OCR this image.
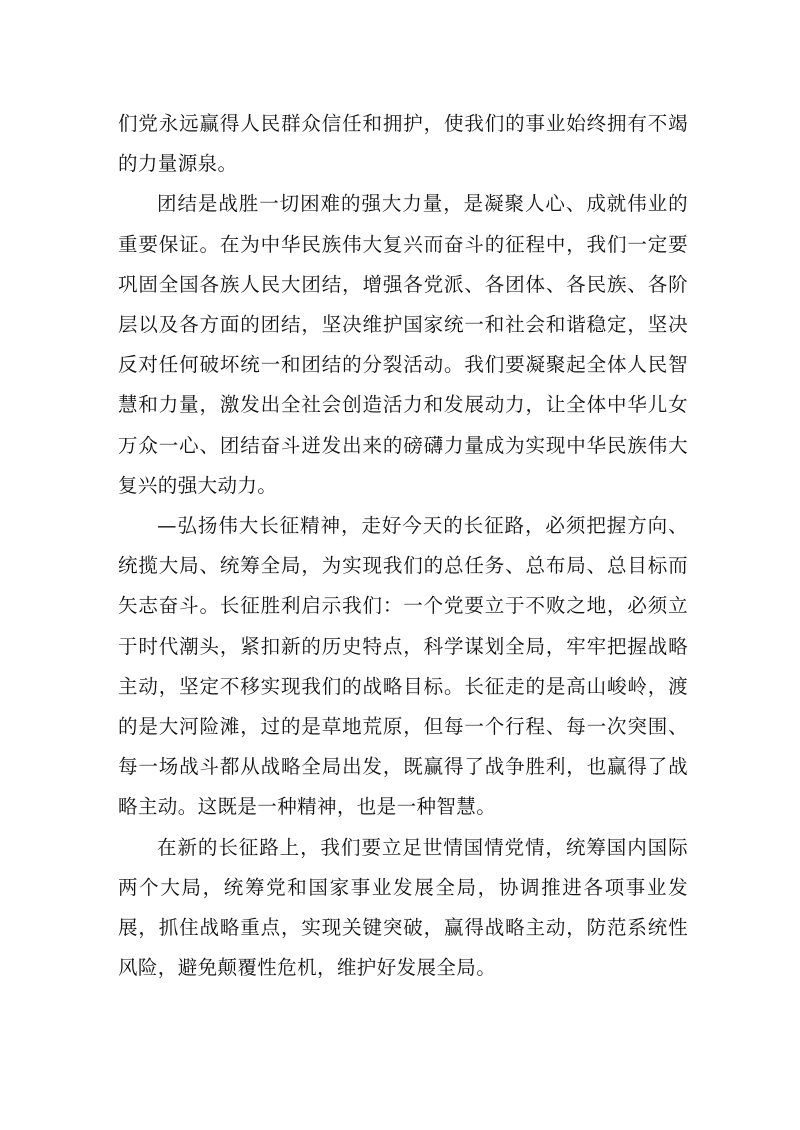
们党永远赢得人民群众信任和拥护，使我们的事业始终拥有不竭的力量源泉。

团结是战胜一切困难的强大力量，是凝聚人心、成就伟业的重要保证。在为中华民族伟大复兴而奋斗的征程中，我们一定要巩固全国各族人民大团结，增强各党派、各团体、各民族、各阶层以及各方面的团结，坚决维护国家统一和社会和谐稳定，坚决反对任何破坏统一和团结的分裂活动。我们要凝聚起全体人民智慧和力量，激发出全社会创造活力和发展动力，让全体中华儿女万众一心、团结奋斗迸发出来的磅礴力量成为实现中华民族伟大复兴的强大动力。

—弘扬伟大长征精神，走好今天的长征路，必须把握方向、统揽大局、统筹全局，为实现我们的总任务、总布局、总目标而矢志奋斗。长征胜利启示我们：一个党要立于不败之地，必须立于时代潮头，紧扣新的历史特点，科学谋划全局，牢牢把握战略主动，坚定不移实现我们的战略目标。长征走的是高山峻岭，渡的是大河险滩，过的是草地荒原，但每一个行程、每一次突围、每一场战斗都从战略全局出发，既赢得了战争胜利，也赢得了战略主动。这既是一种精神，也是一种智慧。

在新的长征路上，我们要立足世情国情党情，统筹国内国际两个大局，统筹党和国家事业发展全局，协调推进各项事业发展，抓住战略重点，实现关键突破，赢得战略主动，防范系统性风险，避免颠覆性危机，维护好发展全局。
